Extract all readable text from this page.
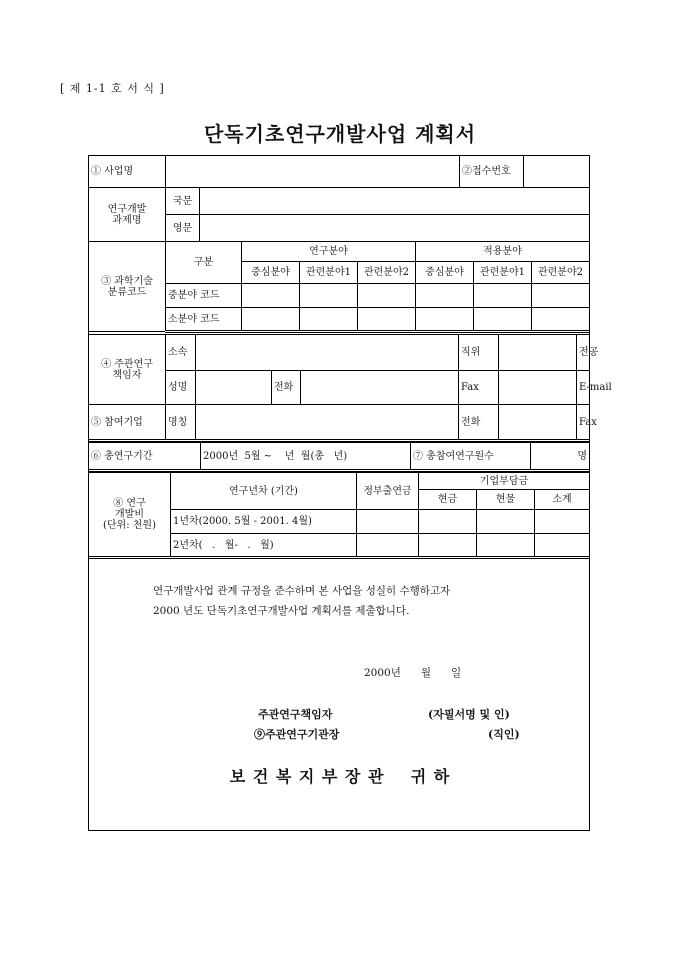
[ 제 1-1 호 서 식 ]
단독기초연구개발사업 계획서
① 사업명			②접수번호	
연구개발
과제명	국문			
	영문			
③ 과학기술
분류코드	구분	연구분야			적용분야		
		중심분야	관련분야1	관련분야2	중심분야	관련분야1	관련분야2
	중분야 코드						
	소분야 코드						
④ 주관연구
책임자	소속				직위		전공
	성명		전화		Fax		E-mail
⑤ 참여기업	명칭				전화		Fax
⑥ 총연구기간	2000년  5월 ~    년  월(총   년)	⑦ 총참여연구원수	명
⑧ 연구
개발비
(단위: 천원)	연구년차 (기간)	정부출연금	기업부담금		
			현금	현물	소계
	1년차(2000. 5월 - 2001. 4월)				
	2년차(   .   월-   .   월)				
연구개발사업 관계 규정을 준수하며 본 사업을 성실히 수행하고자
2000 년도 단독기초연구개발사업 계획서를 제출합니다.
2000년      월      일
주관연구책임자	(자필서명 및 인)
⑨주관연구기관장	(직인)
보 건 복 지 부 장 관    귀 하
